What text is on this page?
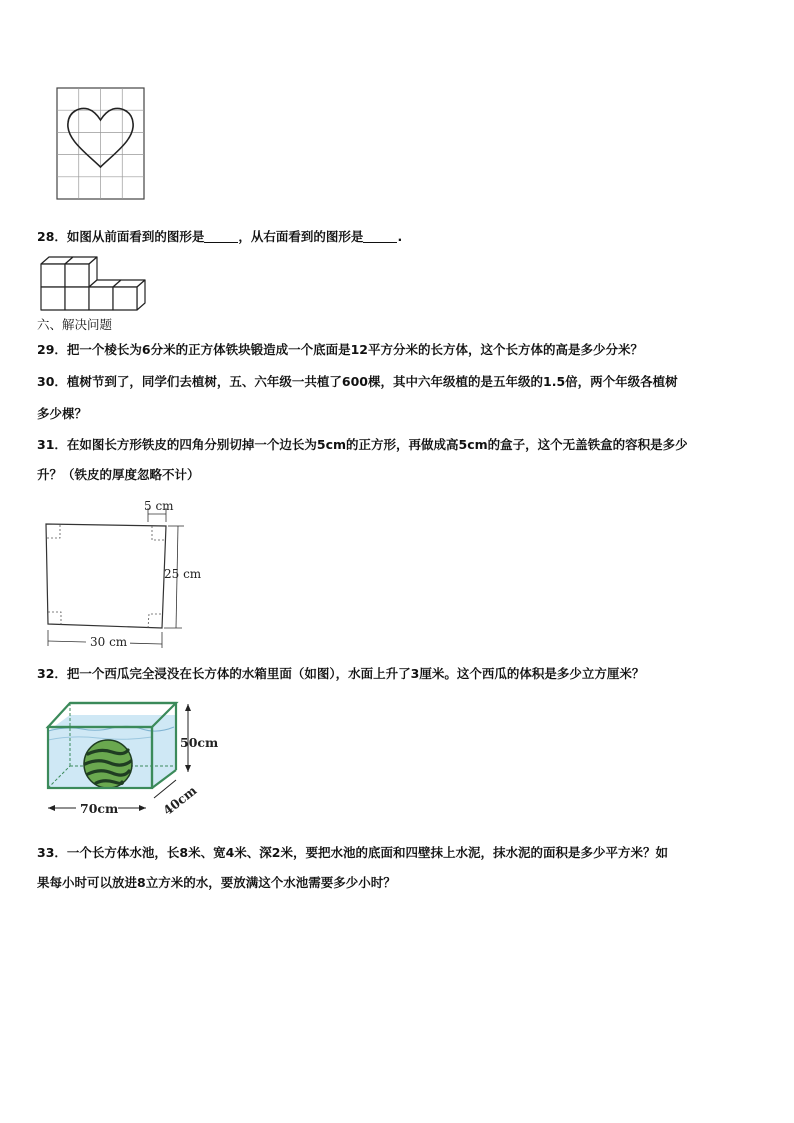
28．如图从前面看到的图形是	，从右面看到的图形是	.
六、解决问题
29．把一个棱长为6分米的正方体铁块锻造成一个底面是12平方分米的长方体，这个长方体的高是多少分米？
30．植树节到了，同学们去植树，五、六年级一共植了600棵，其中六年级植的是五年级的1.5倍，两个年级各植树
多少棵？
31．在如图长方形铁皮的四角分别切掉一个边长为5cm的正方形，再做成高5cm的盒子，这个无盖铁盒的容积是多少
升？（铁皮的厚度忽略不计）
5 cm
25 cm
30 cm
32．把一个西瓜完全浸没在长方体的水箱里面（如图），水面上升了3厘米。这个西瓜的体积是多少立方厘米？
50cm
70cm	40cm
33．一个长方体水池，长8米、宽4米、深2米，要把水池的底面和四壁抹上水泥，抹水泥的面积是多少平方米？如
果每小时可以放进8立方米的水，要放满这个水池需要多少小时？
